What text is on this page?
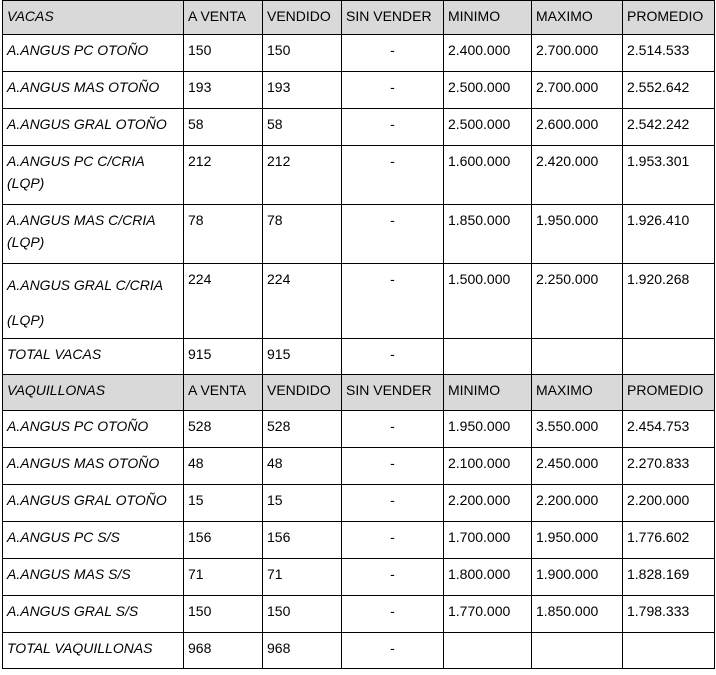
VACAS	A VENTA	VENDIDO	SIN VENDER	MINIMO	MAXIMO	PROMEDIO
A.ANGUS PC OTOÑO	150	150	-	2.400.000	2.700.000	2.514.533
A.ANGUS MAS OTOÑO	193	193	-	2.500.000	2.700.000	2.552.642
A.ANGUS GRAL OTOÑO	58	58	-	2.500.000	2.600.000	2.542.242
A.ANGUS PC C/CRIA (LQP)	212	212	-	1.600.000	2.420.000	1.953.301
A.ANGUS MAS C/CRIA (LQP)	78	78	-	1.850.000	1.950.000	1.926.410
A.ANGUS GRAL C/CRIA (LQP)	224	224	-	1.500.000	2.250.000	1.920.268
TOTAL VACAS	915	915	-			
VAQUILLONAS	A VENTA	VENDIDO	SIN VENDER	MINIMO	MAXIMO	PROMEDIO
A.ANGUS PC OTOÑO	528	528	-	1.950.000	3.550.000	2.454.753
A.ANGUS MAS OTOÑO	48	48	-	2.100.000	2.450.000	2.270.833
A.ANGUS GRAL OTOÑO	15	15	-	2.200.000	2.200.000	2.200.000
A.ANGUS PC S/S	156	156	-	1.700.000	1.950.000	1.776.602
A.ANGUS MAS S/S	71	71	-	1.800.000	1.900.000	1.828.169
A.ANGUS GRAL S/S	150	150	-	1.770.000	1.850.000	1.798.333
TOTAL VAQUILLONAS	968	968	-			
